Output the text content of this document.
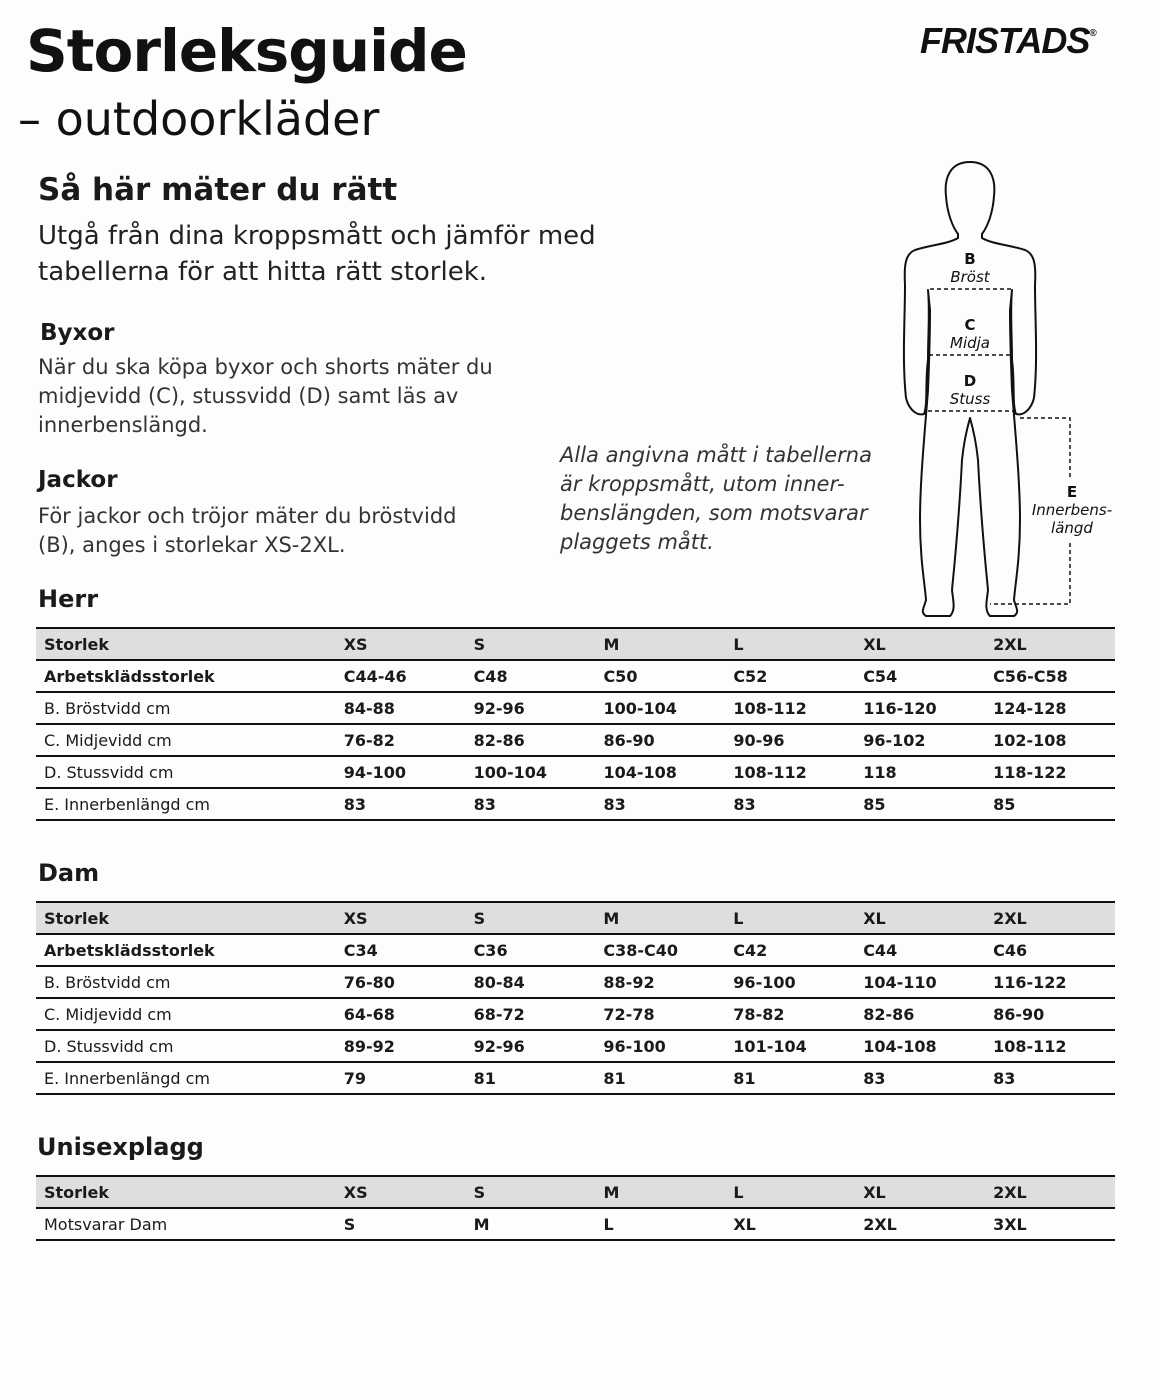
Storleksguide
– outdoorkläder
FRISTADS®
Så här mäter du rätt
Utgå från dina kroppsmått och jämför med tabellerna för att hitta rätt storlek.
Byxor
När du ska köpa byxor och shorts mäter du midjevidd (C), stussvidd (D) samt läs av innerbenslängd.
Jackor
För jackor och tröjor mäter du bröstvidd (B), anges i storlekar XS-2XL.
Alla angivna mått i tabellerna är kroppsmått, utom inner-benslängden, som motsvarar plaggets mått.
B
Bröst
C
Midja
D
Stuss
E
Innerbens-
längd
Herr
Storlek	XS	S	M	L	XL	2XL
Arbetsklädsstorlek	C44-46	C48	C50	C52	C54	C56-C58
B. Bröstvidd cm	84-88	92-96	100-104	108-112	116-120	124-128
C. Midjevidd cm	76-82	82-86	86-90	90-96	96-102	102-108
D. Stussvidd cm	94-100	100-104	104-108	108-112	118	118-122
E. Innerbenlängd cm	83	83	83	83	85	85
Dam
Storlek	XS	S	M	L	XL	2XL
Arbetsklädsstorlek	C34	C36	C38-C40	C42	C44	C46
B. Bröstvidd cm	76-80	80-84	88-92	96-100	104-110	116-122
C. Midjevidd cm	64-68	68-72	72-78	78-82	82-86	86-90
D. Stussvidd cm	89-92	92-96	96-100	101-104	104-108	108-112
E. Innerbenlängd cm	79	81	81	81	83	83
Unisexplagg
Storlek	XS	S	M	L	XL	2XL
Motsvarar Dam	S	M	L	XL	2XL	3XL
